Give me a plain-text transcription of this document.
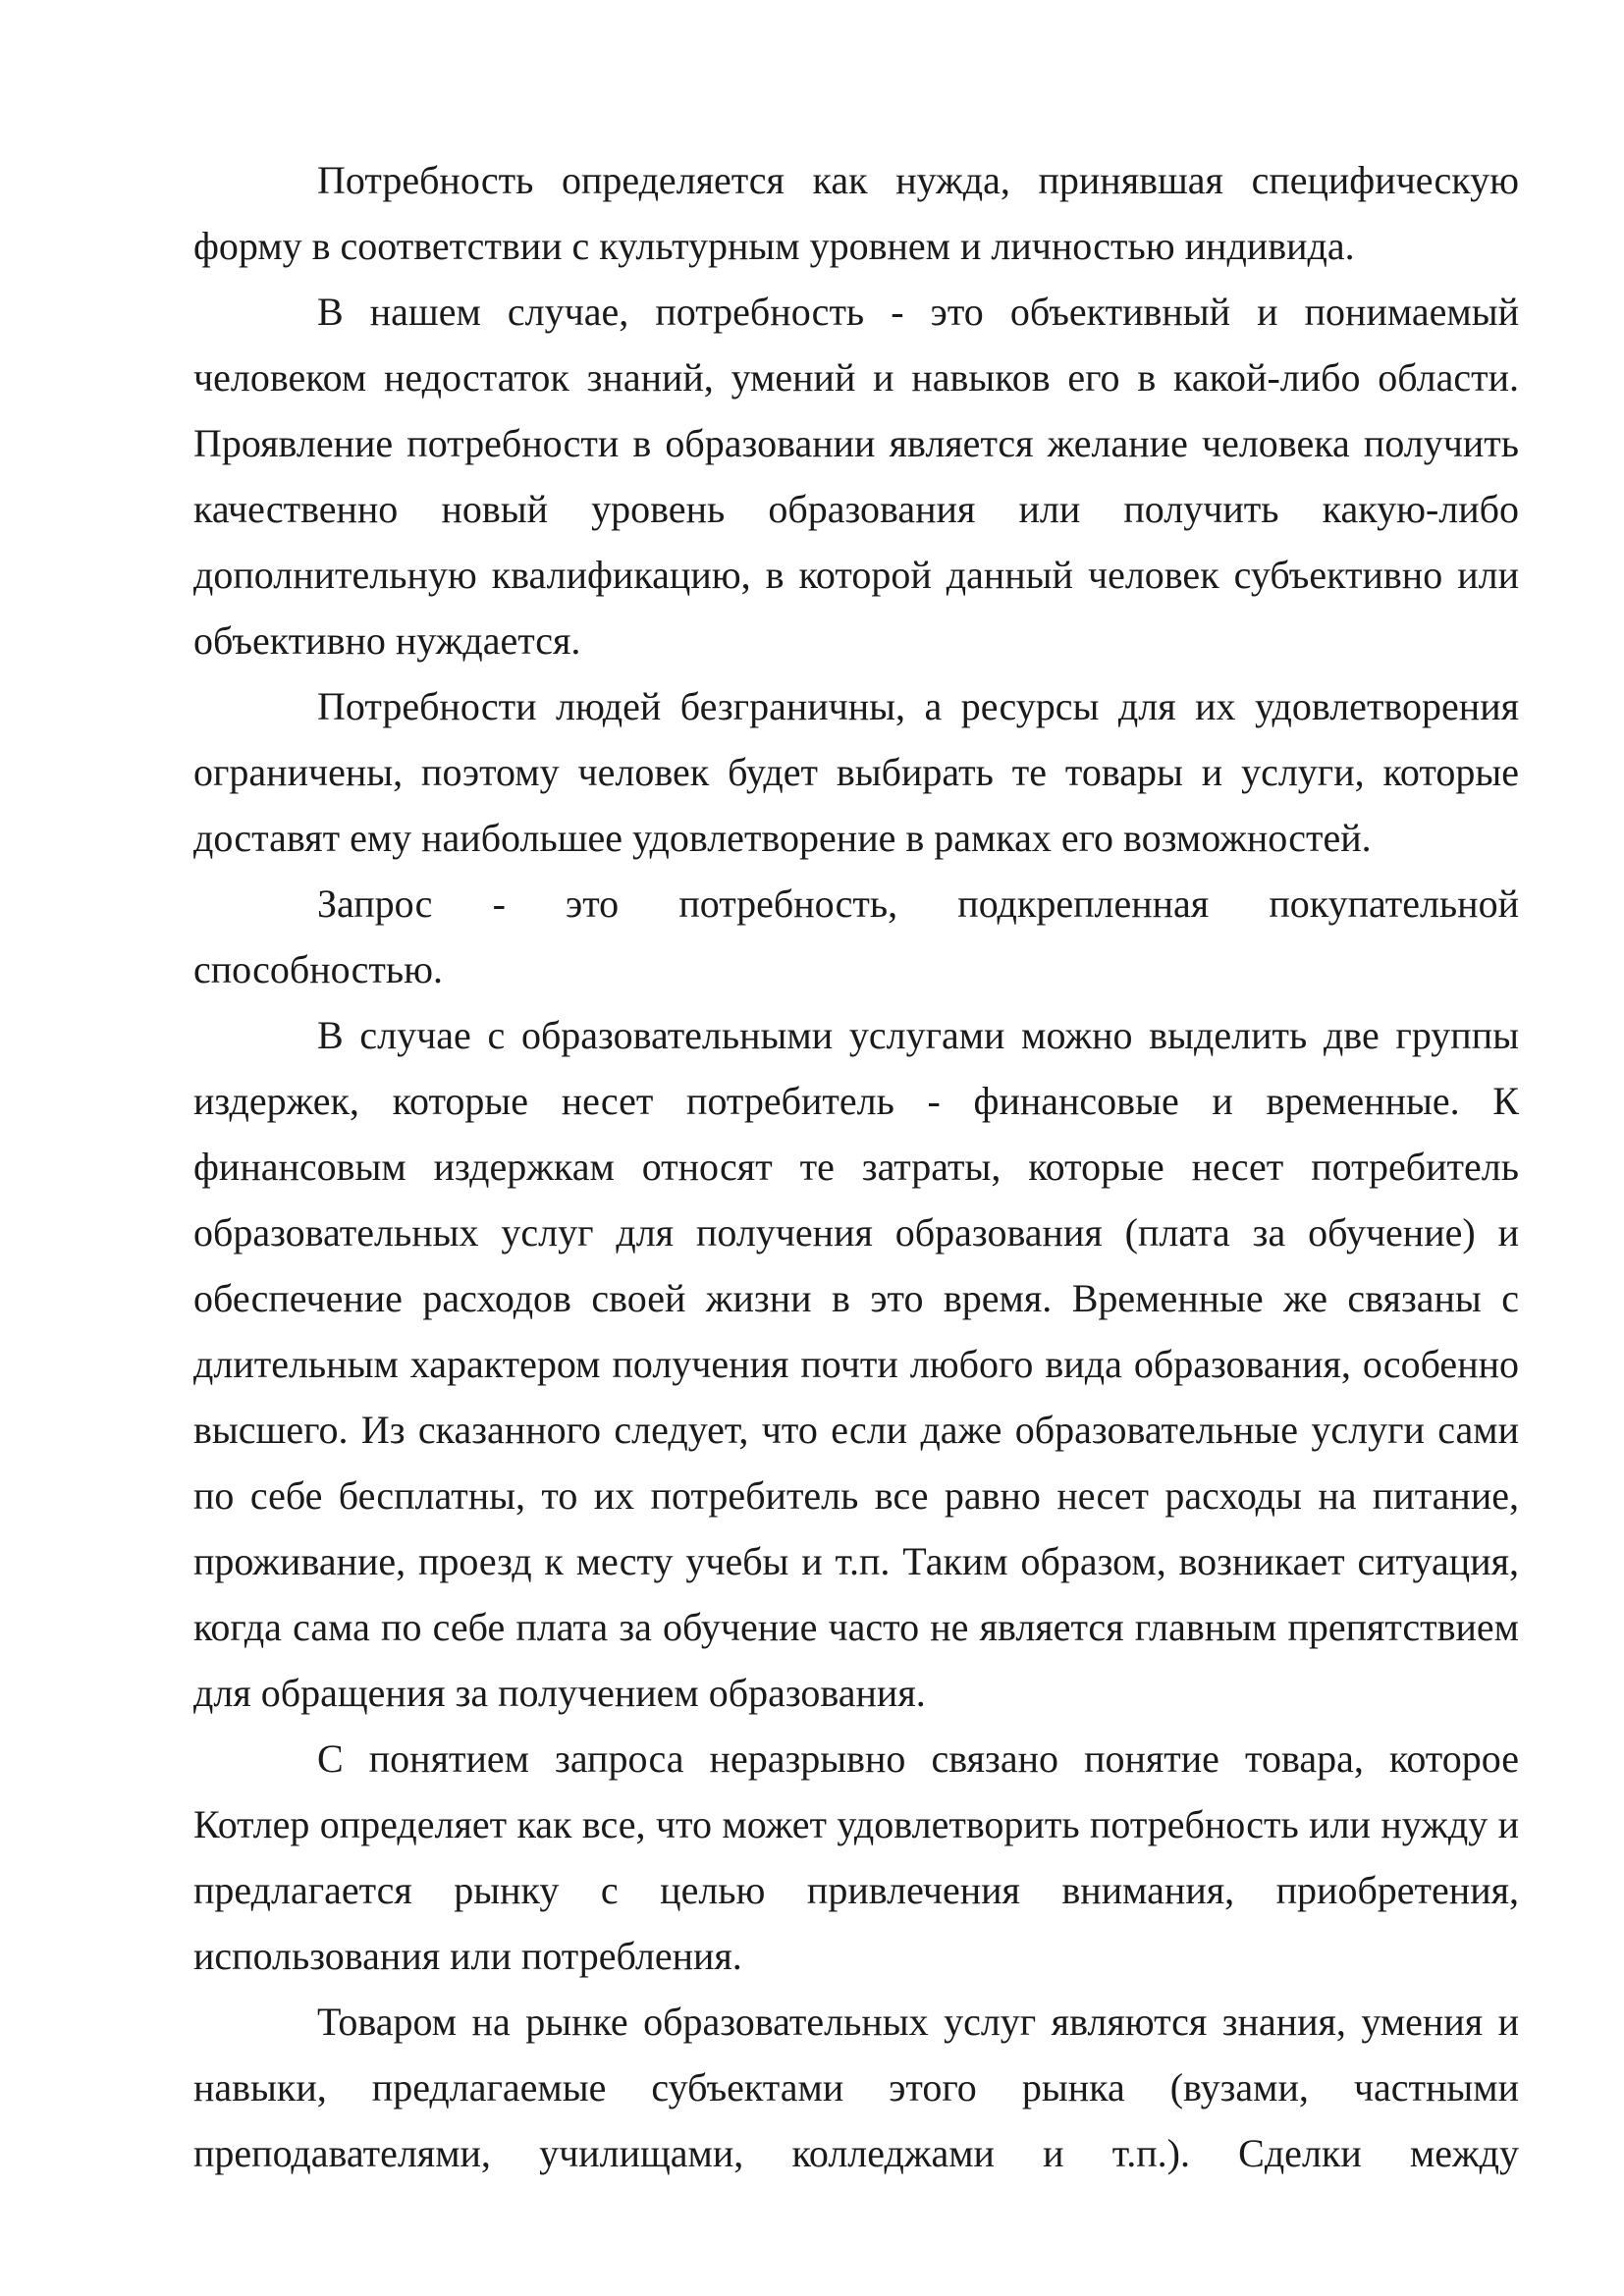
Потребность определяется как нужда, принявшая специфическую форму в соответствии с культурным уровнем и личностью индивида.

В нашем случае, потребность - это объективный и понимаемый человеком недостаток знаний, умений и навыков его в какой-либо области. Проявление потребности в образовании является желание человека получить качественно новый уровень образования или получить какую-либо дополнительную квалификацию, в которой данный человек субъективно или объективно нуждается.

Потребности людей безграничны, а ресурсы для их удовлетворения ограничены, поэтому человек будет выбирать те товары и услуги, которые доставят ему наибольшее удовлетворение в рамках его возможностей.

Запрос - это потребность, подкрепленная покупательной способностью.

В случае с образовательными услугами можно выделить две группы издержек, которые несет потребитель - финансовые и временные. К финансовым издержкам относят те затраты, которые несет потребитель образовательных услуг для получения образования (плата за обучение) и обеспечение расходов своей жизни в это время. Временные же связаны с длительным характером получения почти любого вида образования, особенно высшего. Из сказанного следует, что если даже образовательные услуги сами по себе бесплатны, то их потребитель все равно несет расходы на питание, проживание, проезд к месту учебы и т.п. Таким образом, возникает ситуация, когда сама по себе плата за обучение часто не является главным препятствием для обращения за получением образования.

С понятием запроса неразрывно связано понятие товара, которое Котлер определяет как все, что может удовлетворить потребность или нужду и предлагается рынку с целью привлечения внимания, приобретения, использования или потребления.

Товаром на рынке образовательных услуг являются знания, умения и навыки, предлагаемые субъектами этого рынка (вузами, частными преподавателями, училищами, колледжами и т.п.). Сделки между
